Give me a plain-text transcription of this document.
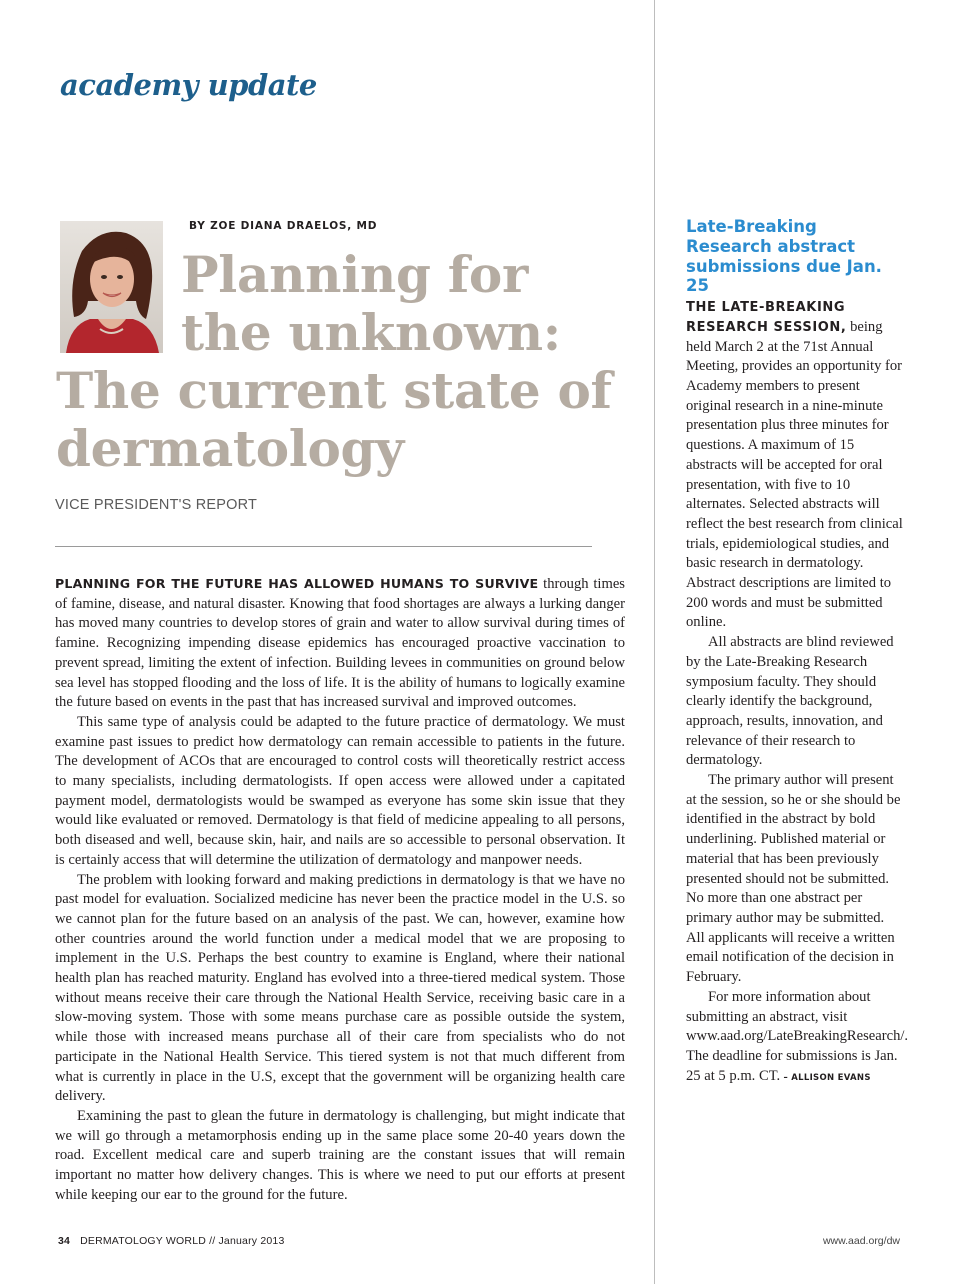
academy update

BY ZOE DIANA DRAELOS, MD

Planning for
the unknown:
The current state of
dermatology

VICE PRESIDENT'S REPORT

PLANNING FOR THE FUTURE HAS ALLOWED HUMANS TO SURVIVE through times of famine, disease, and natural disaster. Knowing that food shortages are always a lurking danger has moved many countries to develop stores of grain and water to allow survival during times of famine. Recognizing impending disease epidemics has encouraged proactive vaccination to prevent spread, limiting the extent of infection. Building levees in communities on ground below sea level has stopped flooding and the loss of life. It is the ability of humans to logically examine the future based on events in the past that has increased survival and improved outcomes.

This same type of analysis could be adapted to the future practice of dermatology. We must examine past issues to predict how dermatology can remain accessible to patients in the future. The development of ACOs that are encouraged to control costs will theoretically restrict access to many specialists, including dermatologists. If open access were allowed under a capitated payment model, dermatologists would be swamped as everyone has some skin issue that they would like evaluated or removed. Dermatology is that field of medicine appealing to all persons, both diseased and well, because skin, hair, and nails are so accessible to personal observation. It is certainly access that will determine the utilization of dermatology and manpower needs.

The problem with looking forward and making predictions in dermatology is that we have no past model for evaluation. Socialized medicine has never been the practice model in the U.S. so we cannot plan for the future based on an analysis of the past. We can, however, examine how other countries around the world function under a medical model that we are proposing to implement in the U.S. Perhaps the best country to examine is England, where their national health plan has reached maturity. England has evolved into a three-tiered medical system. Those without means receive their care through the National Health Service, receiving basic care in a slow-moving system. Those with some means purchase care as possible outside the system, while those with increased means purchase all of their care from specialists who do not participate in the National Health Service. This tiered system is not that much different from what is currently in place in the U.S, except that the government will be organizing health care delivery.

Examining the past to glean the future in dermatology is challenging, but might indicate that we will go through a metamorphosis ending up in the same place some 20-40 years down the road. Excellent medical care and superb training are the constant issues that will remain important no matter how delivery changes. This is where we need to put our efforts at present while keeping our ear to the ground for the future.

Late-Breaking Research abstract submissions due Jan. 25

THE LATE-BREAKING RESEARCH SESSION, being held March 2 at the 71st Annual Meeting, provides an opportunity for Academy members to present original research in a nine-minute presentation plus three minutes for questions. A maximum of 15 abstracts will be accepted for oral presentation, with five to 10 alternates. Selected abstracts will reflect the best research from clinical trials, epidemiological studies, and basic research in dermatology. Abstract descriptions are limited to 200 words and must be submitted online.

All abstracts are blind reviewed by the Late-Breaking Research symposium faculty. They should clearly identify the background, approach, results, innovation, and relevance of their research to dermatology.

The primary author will present at the session, so he or she should be identified in the abstract by bold underlining. Published material or material that has been previously presented should not be submitted. No more than one abstract per primary author may be submitted. All applicants will receive a written email notification of the decision in February.

For more information about submitting an abstract, visit www.aad.org/LateBreakingResearch/. The deadline for submissions is Jan. 25 at 5 p.m. CT. – ALLISON EVANS

34 DERMATOLOGY WORLD // January 2013	www.aad.org/dw
